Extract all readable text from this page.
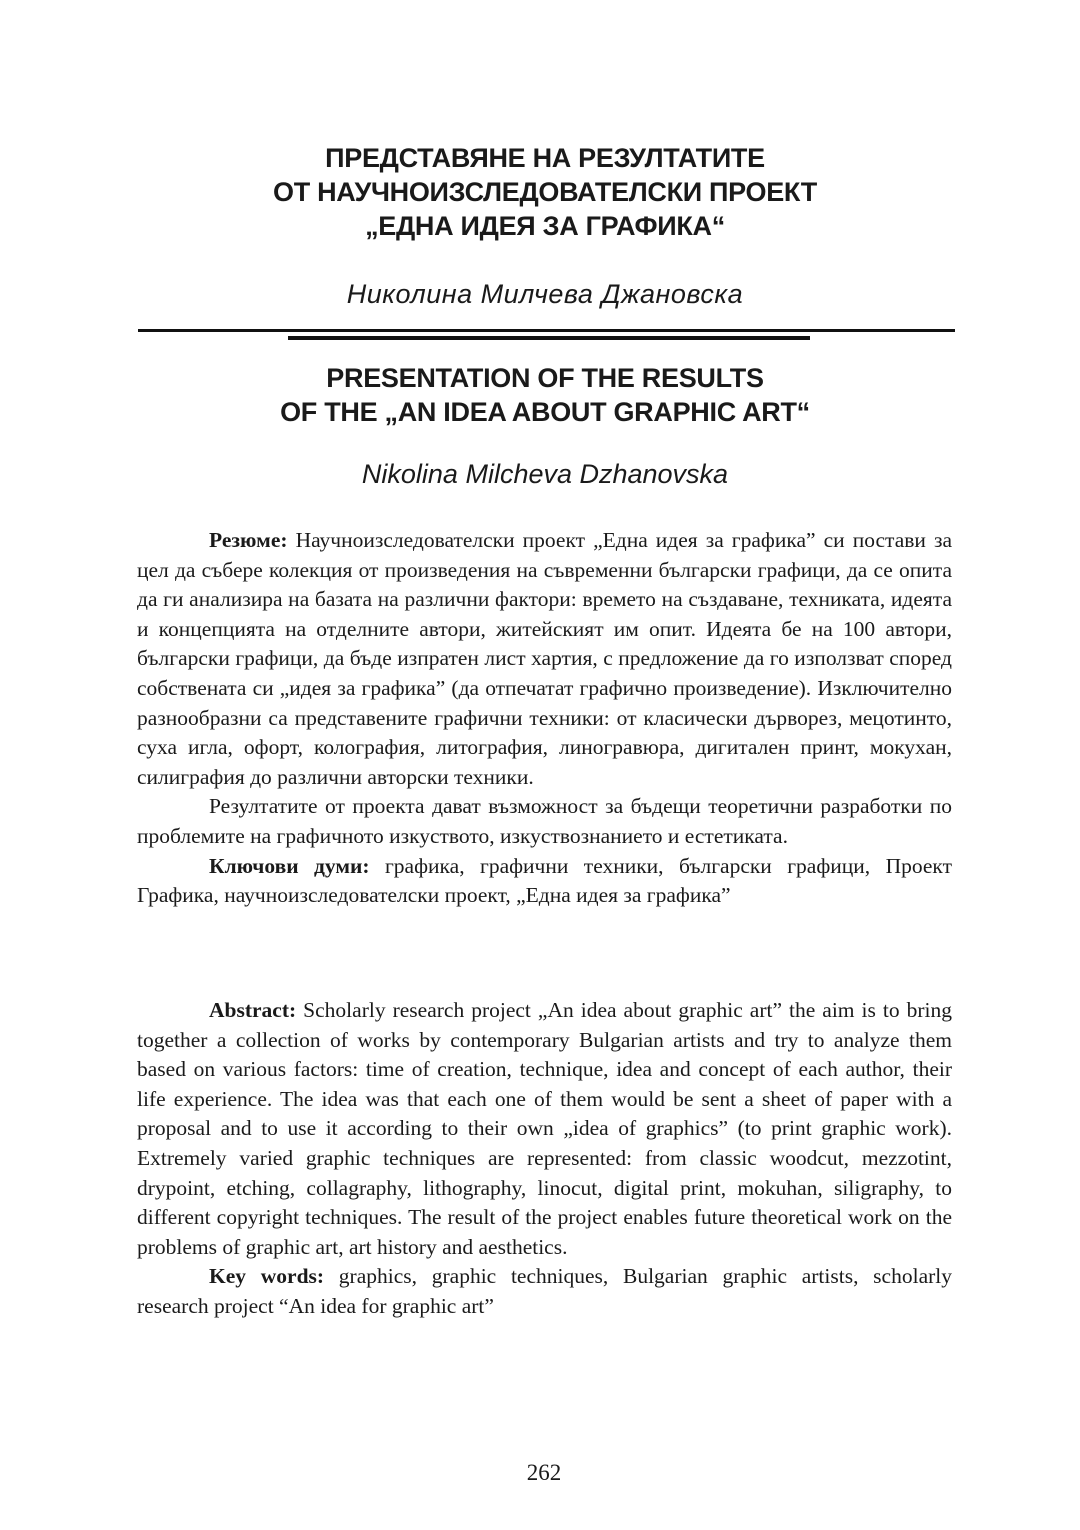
ПРЕДСТАВЯНЕ НА РЕЗУЛТАТИТЕ
ОТ НАУЧНОИЗСЛЕДОВАТЕЛСКИ ПРОЕКТ
„ЕДНА ИДЕЯ ЗА ГРАФИКА“
Николина Милчева Джановска
PRESENTATION OF THE RESULTS
OF THE „AN IDEA ABOUT GRAPHIC ART“
Nikolina Milcheva Dzhanovska

Резюме: Научноизследователски проект „Една идея за графика” си постави за цел да събере колекция от произведения на съвременни български графици, да се опита да ги анализира на базата на различни фактори: времето на създаване, техниката, идеята и концепцията на отделните автори, житейският им опит. Идеята бе на 100 автори, български графици, да бъде изпратен лист хартия, с предложение да го използват според собствената си „идея за графика” (да отпечатат графично произведение). Изключително разнообразни са представените графични техники: от класически дърворез, мецотинто, суха игла, офорт, колография, литография, линогравюра, дигитален принт, мокухан, силиграфия до различни авторски техники.

Резултатите от проекта дават възможност за бъдещи теоретични разработки по проблемите на графичното изкуството, изкуствознанието и естетиката.

Ключови думи: графика, графични техники, български графици, Проект Графика, научноизследователски проект, „Една идея за графика”

Abstract: Scholarly research project „An idea about graphic art” the aim is to bring together a collection of works by contemporary Bulgarian artists and try to analyze them based on various factors: time of creation, technique, idea and concept of each author, their life experience. The idea was that each one of them would be sent a sheet of paper with a proposal and to use it according to their own „idea of graphics” (to print graphic work). Extremely varied graphic techniques are represented: from classic woodcut, mezzotint, drypoint, etching, collagraphy, lithography, linocut, digital print, mokuhan, siligraphy, to different copyright techniques. The result of the project enables future theoretical work on the problems of graphic art, art history and aesthetics.

Key words: graphics, graphic techniques, Bulgarian graphic artists, scholarly research project “An idea for graphic art”

262
